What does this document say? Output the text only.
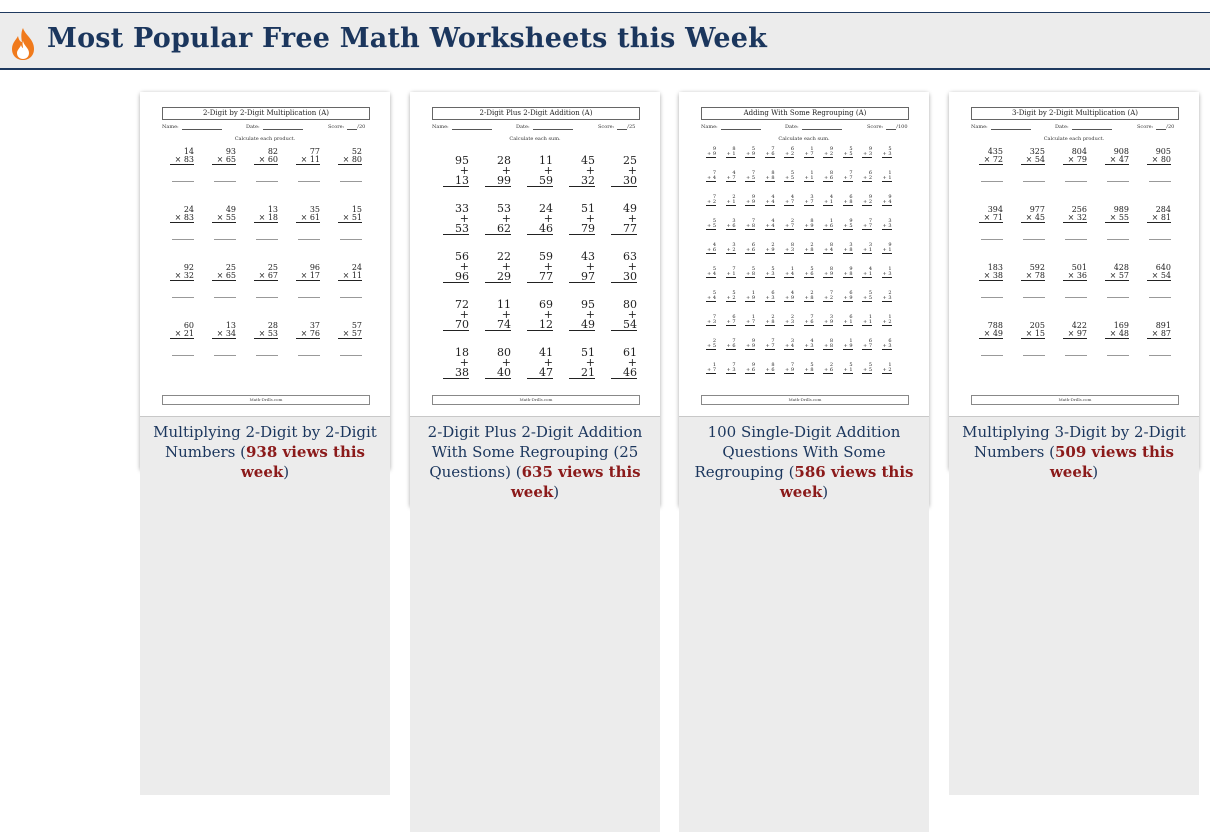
Most Popular Free Math Worksheets this Week
2-Digit by 2-Digit Multiplication (A)
Name:	Date:	Score:	/20
Calculate each product.
Math-Drills.com
14
× 83
93
× 65
82
× 60
77
× 11
52
× 80
24
× 83
49
× 55
13
× 18
35
× 61
15
× 51
92
× 32
25
× 65
25
× 67
96
× 17
24
× 11
60
× 21
13
× 34
28
× 53
37
× 76
57
× 57
Multiplying 2-Digit by 2-Digit Numbers (938 views this week)
2-Digit Plus 2-Digit Addition (A)
Name:	Date:	Score:	/25
Calculate each sum.
Math-Drills.com
95
+ 13
28
+ 99
11
+ 59
45
+ 32
25
+ 30
33
+ 53
53
+ 62
24
+ 46
51
+ 79
49
+ 77
56
+ 96
22
+ 29
59
+ 77
43
+ 97
63
+ 30
72
+ 70
11
+ 74
69
+ 12
95
+ 49
80
+ 54
18
+ 38
80
+ 40
41
+ 47
51
+ 21
61
+ 46
2-Digit Plus 2-Digit Addition With Some Regrouping (25 Questions) (635 views this week)
Adding With Some Regrouping (A)
Name:	Date:	Score:	/100
Calculate each sum.
Math-Drills.com
9
+ 9
8
+ 1
5
+ 9
7
+ 6
6
+ 2
1
+ 7
9
+ 2
5
+ 5
9
+ 3
5
+ 3
7
+ 4
4
+ 7
7
+ 5
8
+ 8
5
+ 5
1
+ 1
8
+ 6
7
+ 7
6
+ 2
1
+ 1
7
+ 2
2
+ 1
9
+ 9
4
+ 4
4
+ 7
3
+ 7
4
+ 1
6
+ 8
9
+ 2
9
+ 4
5
+ 5
3
+ 6
7
+ 8
4
+ 4
2
+ 7
8
+ 9
1
+ 6
9
+ 5
7
+ 7
3
+ 3
4
+ 6
3
+ 2
6
+ 6
2
+ 9
8
+ 3
2
+ 8
8
+ 4
3
+ 8
3
+ 1
9
+ 1
5
+ 4
7
+ 1
5
+ 8
5
+ 3
1
+ 4
5
+ 6
8
+ 9
9
+ 8
4
+ 1
1
+ 3
5
+ 4
5
+ 2
1
+ 9
6
+ 3
4
+ 9
2
+ 8
7
+ 2
6
+ 9
5
+ 5
2
+ 3
7
+ 3
6
+ 7
1
+ 7
2
+ 8
2
+ 3
7
+ 6
3
+ 9
6
+ 1
1
+ 1
1
+ 2
2
+ 5
7
+ 6
9
+ 9
7
+ 7
3
+ 4
4
+ 3
8
+ 8
1
+ 9
6
+ 7
6
+ 3
1
+ 7
7
+ 3
9
+ 6
8
+ 6
7
+ 9
5
+ 8
2
+ 6
5
+ 1
5
+ 5
1
+ 2
100 Single-Digit Addition Questions With Some Regrouping (586 views this week)
3-Digit by 2-Digit Multiplication (A)
Name:	Date:	Score:	/20
Calculate each product.
Math-Drills.com
435
× 72
325
× 54
804
× 79
908
× 47
905
× 80
394
× 71
977
× 45
256
× 32
989
× 55
284
× 81
183
× 38
592
× 78
501
× 36
428
× 57
640
× 54
788
× 49
205
× 15
422
× 97
169
× 48
891
× 87
Multiplying 3-Digit by 2-Digit Numbers (509 views this week)
